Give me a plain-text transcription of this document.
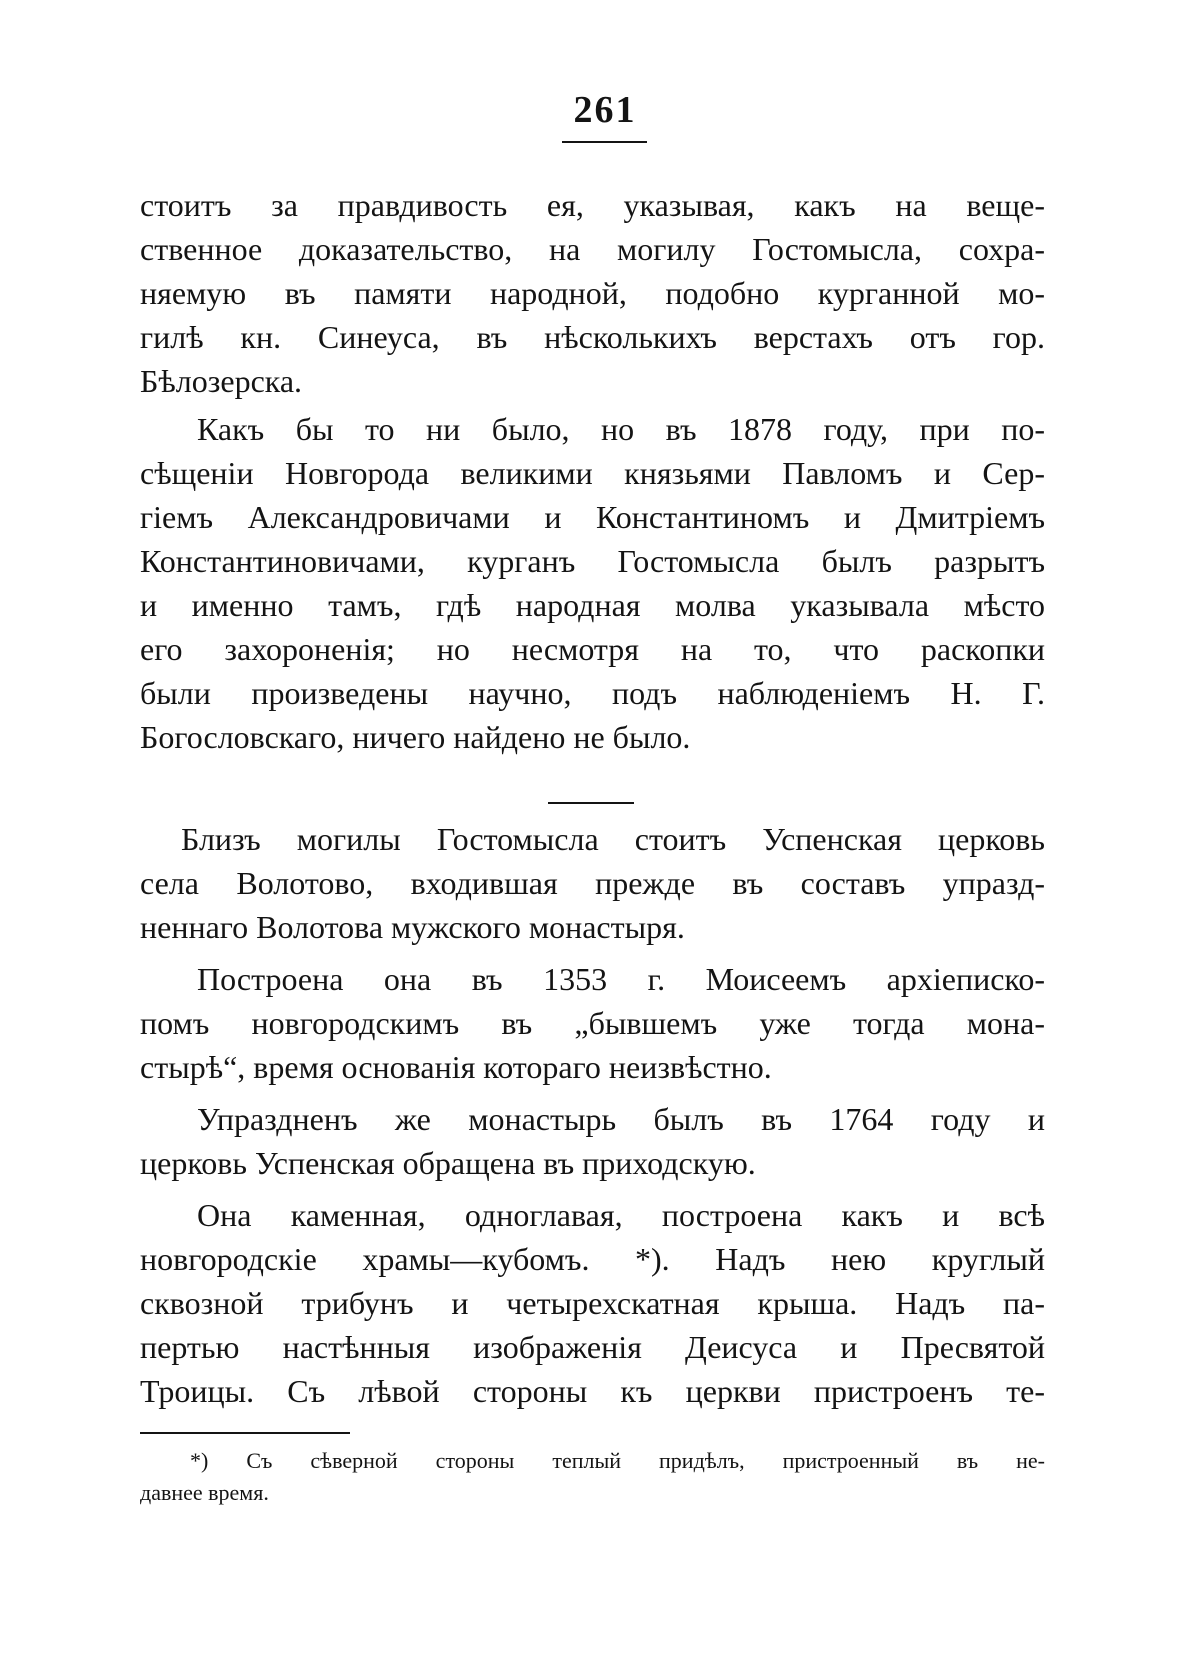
261
стоитъ за правдивость ея, указывая, какъ на веще-
ственное доказательство, на могилу Гостомысла, сохра-
няемую въ памяти народной, подобно курганной мо-
гилѣ кн. Синеуса, въ нѣсколькихъ верстахъ отъ гор.
Бѣлозерска.
Какъ бы то ни было, но въ 1878 году, при по-
сѣщенiи Новгорода великими князьями Павломъ и Сер-
гiемъ Александровичами и Константиномъ и Дмитрiемъ
Константиновичами, курганъ Гостомысла былъ разрытъ
и именно тамъ, гдѣ народная молва указывала мѣсто
его захороненiя; но несмотря на то, что раскопки
были произведены научно, подъ наблюденiемъ Н. Г.
Богословскаго, ничего найдено не было.
Близъ могилы Гостомысла стоитъ Успенская церковь
села Волотово, входившая прежде въ составъ упразд-
неннаго Волотова мужского монастыря.
Построена она въ 1353 г. Моисеемъ архiеписко-
помъ новгородскимъ въ „бывшемъ уже тогда мона-
стырѣ“, время основанiя котораго неизвѣстно.
Упраздненъ же монастырь былъ въ 1764 году и
церковь Успенская обращена въ приходскую.
Она каменная, одноглавая, построена какъ и всѣ
новгородскiе храмы—кубомъ. *). Надъ нею круглый
сквозной трибунъ и четырехскатная крыша. Надъ па-
пертью настѣнныя изображенiя Деисуса и Пресвятой
Троицы. Съ лѣвой стороны къ церкви пристроенъ те-
*) Съ сѣверной стороны теплый придѣлъ, пристроенный въ не-
давнее время.
